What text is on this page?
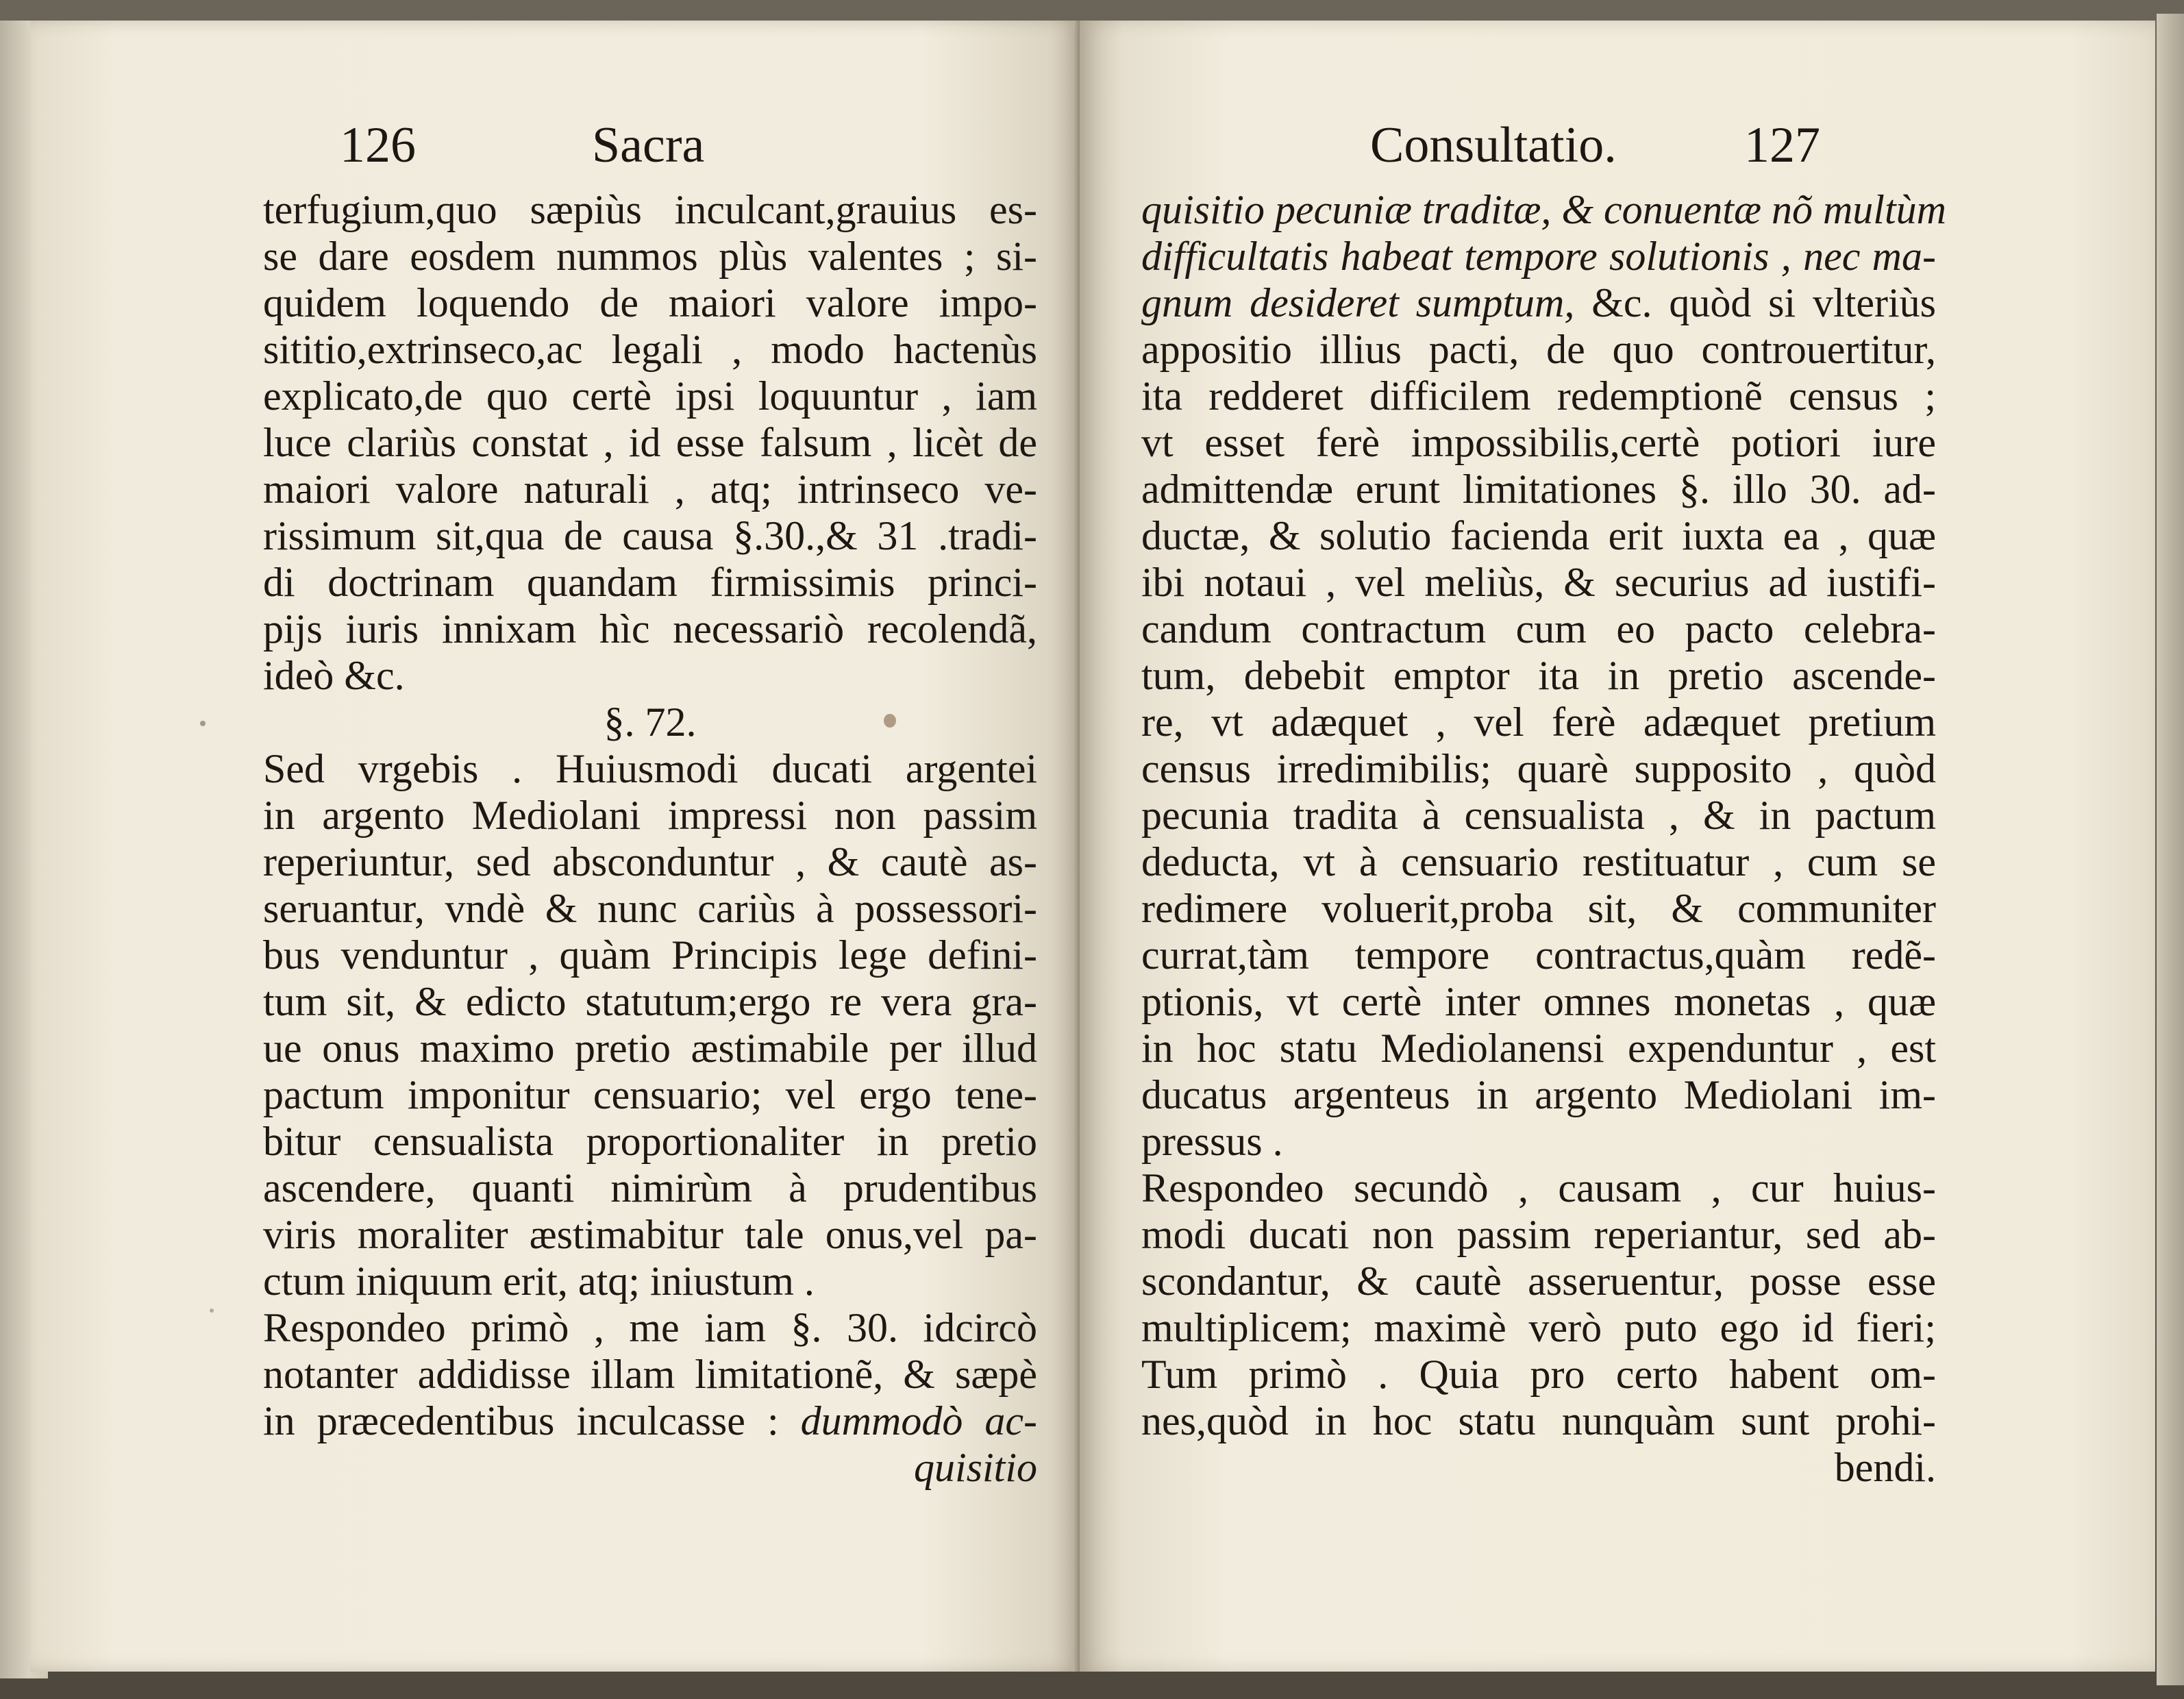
126	Sacra
terfugium,quo sæpiùs inculcant,grauius es-
se dare eosdem nummos plùs valentes ; si-
quidem loquendo de maiori valore impo-
sititio,extrinseco,ac legali , modo hactenùs
explicato,de quo certè ipsi loquuntur , iam
luce clariùs constat , id esse falsum , licèt de
maiori valore naturali , atq; intrinseco ve-
rissimum sit,qua de causa §.30.,& 31 .tradi-
di doctrinam quandam firmissimis princi-
pijs iuris innixam hìc necessariò recolendã,
ideò &c.
§. 72.
Sed vrgebis . Huiusmodi ducati argentei
in argento Mediolani impressi non passim
reperiuntur, sed absconduntur , & cautè as-
seruantur, vndè & nunc cariùs à possessori-
bus venduntur , quàm Principis lege defini-
tum sit, & edicto statutum;ergo re vera gra-
ue onus maximo pretio æstimabile per illud
pactum imponitur censuario; vel ergo tene-
bitur censualista proportionaliter in pretio
ascendere, quanti nimirùm à prudentibus
viris moraliter æstimabitur tale onus,vel pa-
ctum iniquum erit, atq; iniustum .
Respondeo primò , me iam §. 30. idcircò
notanter addidisse illam limitationẽ, & sæpè
in præcedentibus inculcasse : dummodò ac-
quisitio
Consultatio.	127
quisitio pecuniæ traditæ, & conuentæ nõ multùm
difficultatis habeat tempore solutionis , nec ma-
gnum desideret sumptum, &c. quòd si vlteriùs
appositio illius pacti, de quo controuertitur,
ita redderet difficilem redemptionẽ census ;
vt esset ferè impossibilis,certè potiori iure
admittendæ erunt limitationes §. illo 30. ad-
ductæ, & solutio facienda erit iuxta ea , quæ
ibi notaui , vel meliùs, & securius ad iustifi-
candum contractum cum eo pacto celebra-
tum, debebit emptor ita in pretio ascende-
re, vt adæquet , vel ferè adæquet pretium
census irredimibilis; quarè supposito , quòd
pecunia tradita à censualista , & in pactum
deducta, vt à censuario restituatur , cum se
redimere voluerit,proba sit, & communiter
currat,tàm tempore contractus,quàm redẽ-
ptionis, vt certè inter omnes monetas , quæ
in hoc statu Mediolanensi expenduntur , est
ducatus argenteus in argento Mediolani im-
pressus .
Respondeo secundò , causam , cur huius-
modi ducati non passim reperiantur, sed ab-
scondantur, & cautè asseruentur, posse esse
multiplicem; maximè verò puto ego id fieri;
Tum primò . Quia pro certo habent om-
nes,quòd in hoc statu nunquàm sunt prohi-
bendi.
